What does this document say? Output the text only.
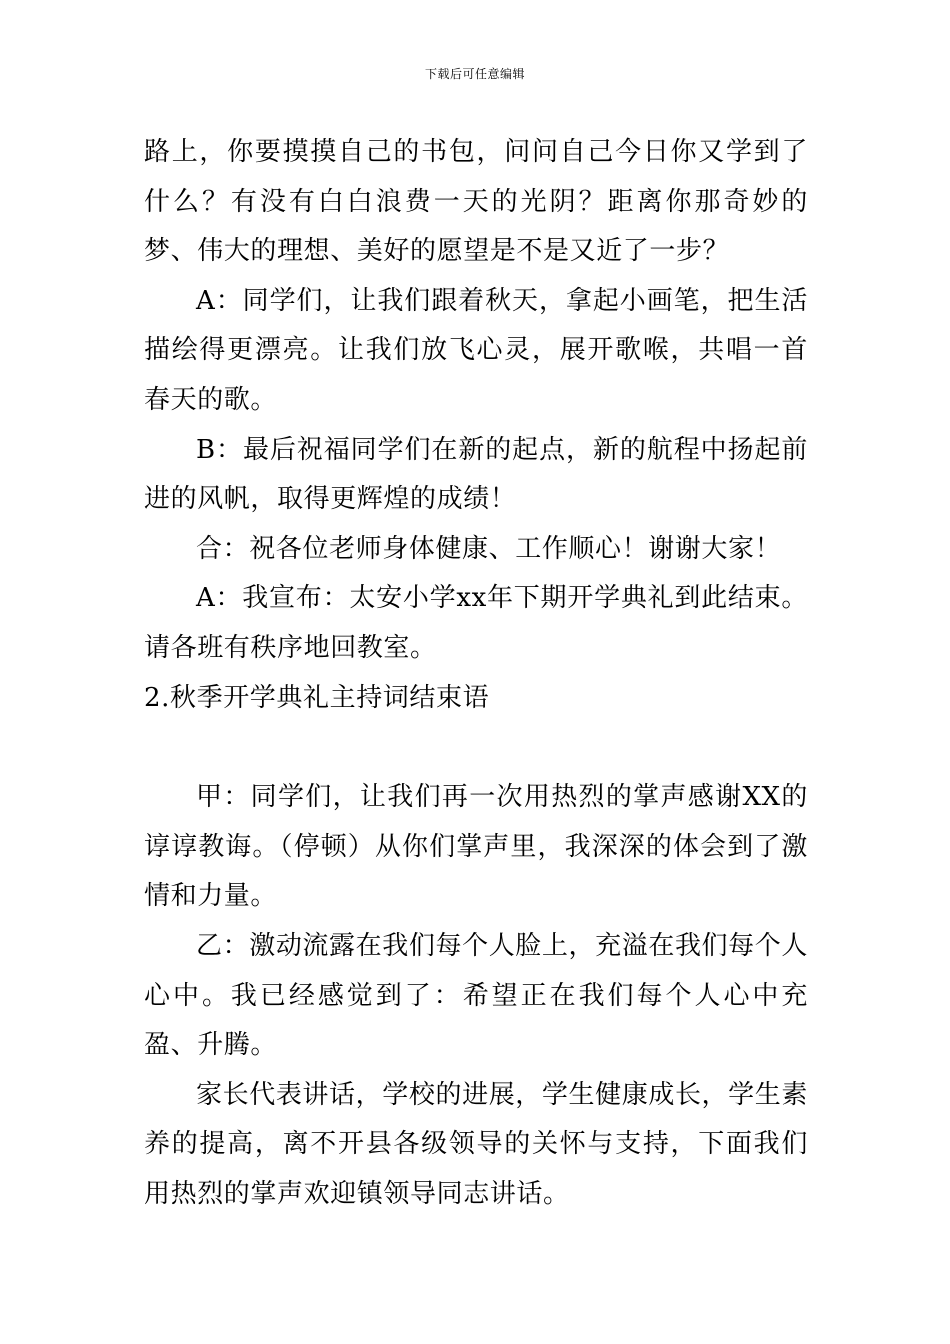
下载后可任意编辑

路上，你要摸摸自己的书包，问问自己今日你又学到了什么？有没有白白浪费一天的光阴？距离你那奇妙的梦、伟大的理想、美好的愿望是不是又近了一步？

A：同学们，让我们跟着秋天，拿起小画笔，把生活描绘得更漂亮。让我们放飞心灵，展开歌喉，共唱一首春天的歌。

B：最后祝福同学们在新的起点，新的航程中扬起前进的风帆，取得更辉煌的成绩！

合：祝各位老师身体健康、工作顺心！谢谢大家！

A：我宣布：太安小学xx年下期开学典礼到此结束。请各班有秩序地回教室。

2.秋季开学典礼主持词结束语

甲：同学们，让我们再一次用热烈的掌声感谢XX的谆谆教诲。（停顿）从你们掌声里，我深深的体会到了激情和力量。

乙：激动流露在我们每个人脸上，充溢在我们每个人心中。我已经感觉到了：希望正在我们每个人心中充盈、升腾。

家长代表讲话，学校的进展，学生健康成长，学生素养的提高，离不开县各级领导的关怀与支持，下面我们用热烈的掌声欢迎镇领导同志讲话。
